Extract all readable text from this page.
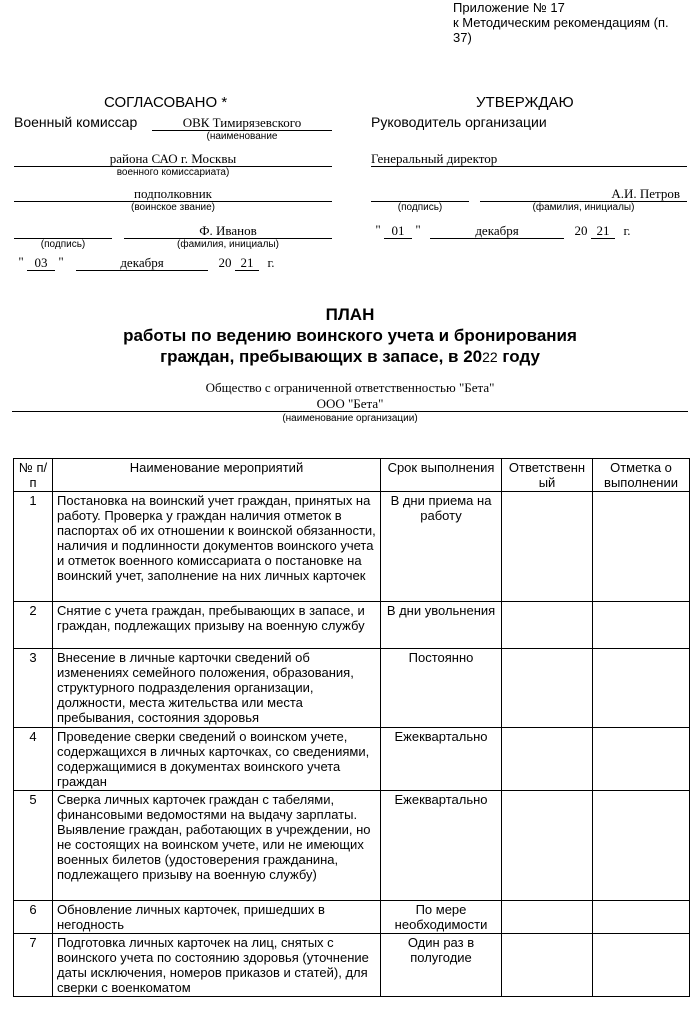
Приложение № 17
к Методическим рекомендациям (п.
37)
СОГЛАСОВАНО *
Военный комиссар	ОВК Тимирязевского
(наименование
района САО г. Москвы
военного комиссариата)
подполковник
(воинское звание)
(подпись)
Ф. Иванов
(фамилия, инициалы)
" 03 "	декабря	20 21	г.
УТВЕРЖДАЮ
Руководитель организации
Генеральный директор
(подпись)
А.И. Петров
(фамилия, инициалы)
" 01 "	декабря	20 21	г.
ПЛАН
работы по ведению воинского учета и бронирования
граждан, пребывающих в запасе, в 2022 году
Общество с ограниченной ответственностью "Бета"
ООО "Бета"
(наименование организации)
№ п/п	Наименование мероприятий	Срок выполнения	Ответственный	Отметка о выполнении
1	Постановка на воинский учет граждан, принятых на работу. Проверка у граждан наличия отметок в паспортах об их отношении к воинской обязанности, наличия и подлинности документов воинского учета и отметок военного комиссариата о постановке на воинский учет, заполнение на них личных карточек	В дни приема на работу		
2	Снятие с учета граждан, пребывающих в запасе, и граждан, подлежащих призыву на военную службу	В дни увольнения		
3	Внесение в личные карточки сведений об изменениях семейного положения, образования, структурного подразделения организации, должности, места жительства или места пребывания, состояния здоровья	Постоянно		
4	Проведение сверки сведений о воинском учете, содержащихся в личных карточках, со сведениями, содержащимися в документах воинского учета граждан	Ежеквартально		
5	Сверка личных карточек граждан с табелями, финансовыми ведомостями на выдачу зарплаты. Выявление граждан, работающих в учреждении, но не состоящих на воинском учете, или не имеющих военных билетов (удостоверения гражданина, подлежащего призыву на военную службу)	Ежеквартально		
6	Обновление личных карточек, пришедших в негодность	По мере необходимости		
7	Подготовка личных карточек на лиц, снятых с воинского учета по состоянию здоровья (уточнение даты исключения, номеров приказов и статей), для сверки с военкоматом	Один раз в полугодие		
